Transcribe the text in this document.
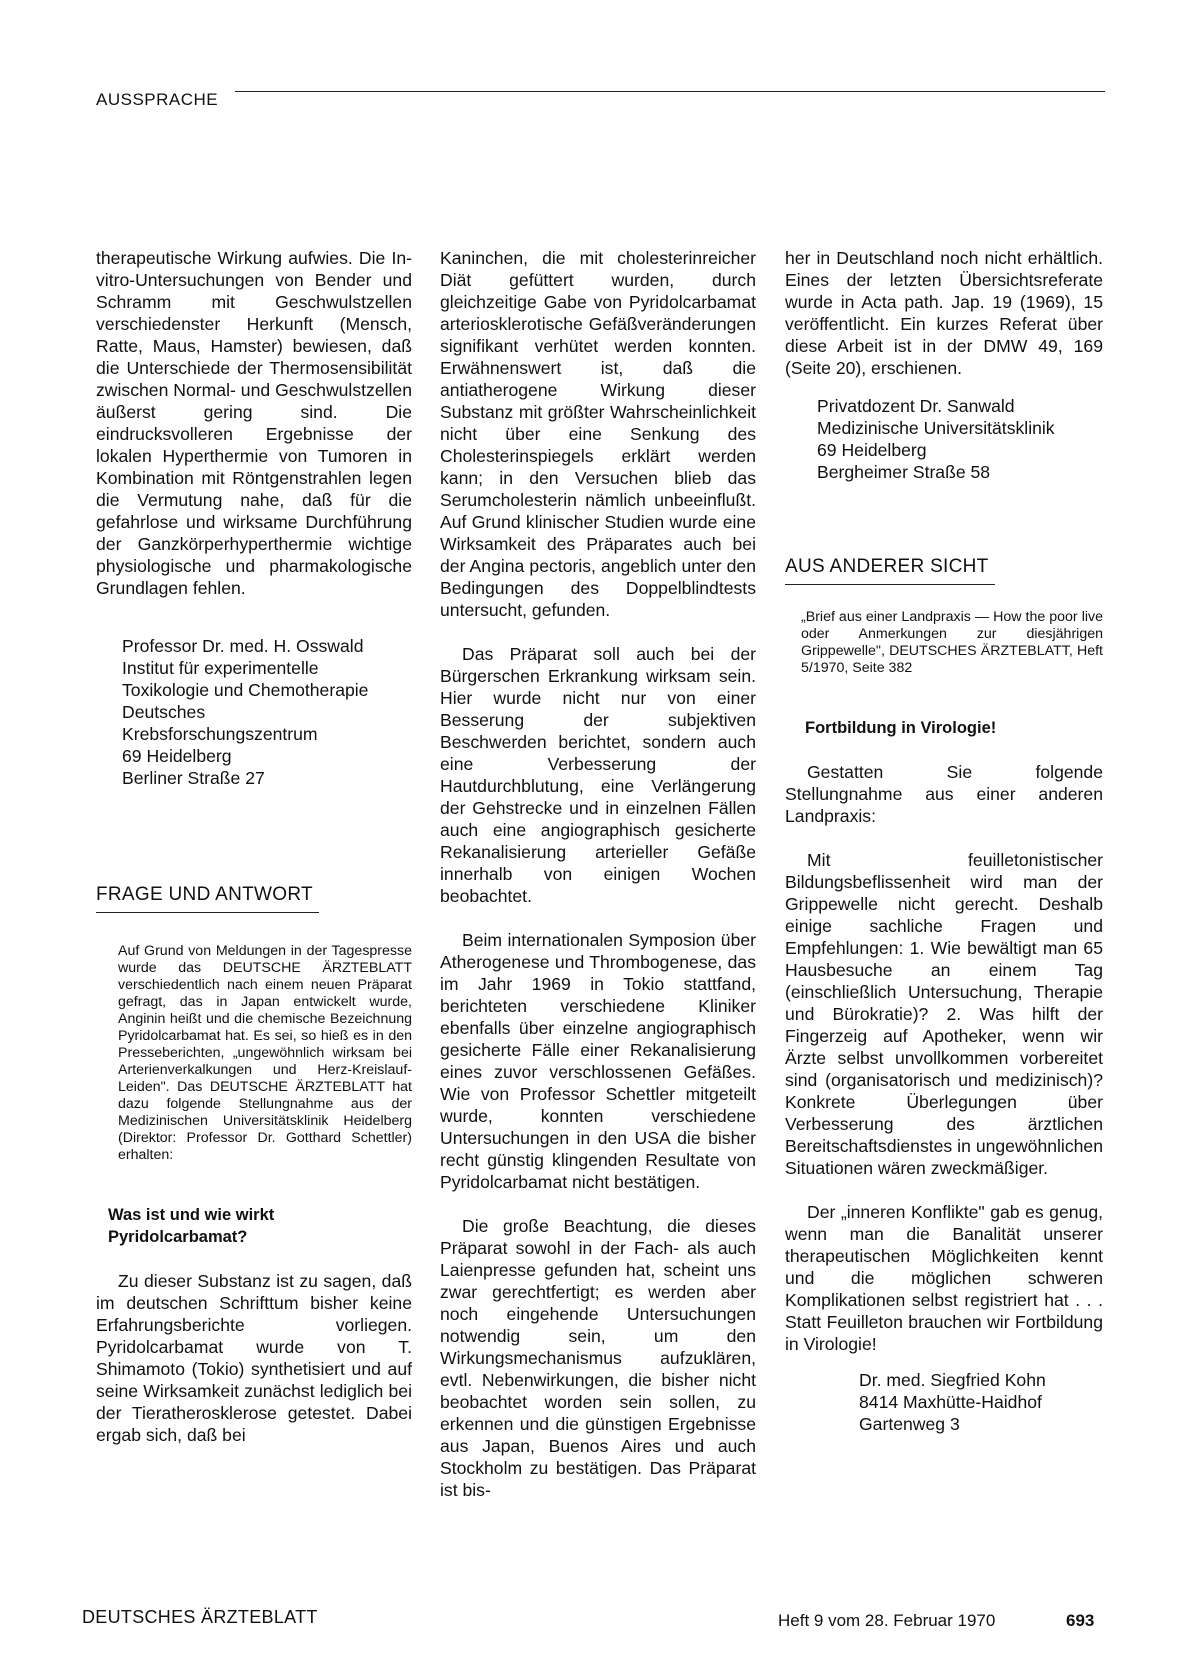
AUSSPRACHE

therapeutische Wirkung aufwies. Die In-vitro-Untersuchungen von Bender und Schramm mit Geschwulstzellen verschiedenster Herkunft (Mensch, Ratte, Maus, Hamster) bewiesen, daß die Unterschiede der Thermosensibilität zwischen Normal- und Geschwulstzellen äußerst gering sind. Die eindrucksvolleren Ergebnisse der lokalen Hyperthermie von Tumoren in Kombination mit Röntgenstrahlen legen die Vermutung nahe, daß für die gefahrlose und wirksame Durchführung der Ganzkörperhyperthermie wichtige physiologische und pharmakologische Grundlagen fehlen.

Professor Dr. med. H. Osswald
Institut für experimentelle
Toxikologie und Chemotherapie
Deutsches
Krebsforschungszentrum
69 Heidelberg
Berliner Straße 27
FRAGE UND ANTWORT

Auf Grund von Meldungen in der Tagespresse wurde das DEUTSCHE ÄRZTEBLATT verschiedentlich nach einem neuen Präparat gefragt, das in Japan entwickelt wurde, Anginin heißt und die chemische Bezeichnung Pyridolcarbamat hat. Es sei, so hieß es in den Presseberichten, „ungewöhnlich wirksam bei Arterienverkalkungen und Herz-Kreislauf-Leiden". Das DEUTSCHE ÄRZTEBLATT hat dazu folgende Stellungnahme aus der Medizinischen Universitätsklinik Heidelberg (Direktor: Professor Dr. Gotthard Schettler) erhalten:

Was ist und wie wirkt
Pyridolcarbamat?

Zu dieser Substanz ist zu sagen, daß im deutschen Schrifttum bisher keine Erfahrungsberichte vorliegen. Pyridolcarbamat wurde von T. Shimamoto (Tokio) synthetisiert und auf seine Wirksamkeit zunächst lediglich bei der Tieratherosklerose getestet. Dabei ergab sich, daß bei

Kaninchen, die mit cholesterinreicher Diät gefüttert wurden, durch gleichzeitige Gabe von Pyridolcarbamat arteriosklerotische Gefäßveränderungen signifikant verhütet werden konnten. Erwähnenswert ist, daß die antiatherogene Wirkung dieser Substanz mit größter Wahrscheinlichkeit nicht über eine Senkung des Cholesterinspiegels erklärt werden kann; in den Versuchen blieb das Serumcholesterin nämlich unbeeinflußt. Auf Grund klinischer Studien wurde eine Wirksamkeit des Präparates auch bei der Angina pectoris, angeblich unter den Bedingungen des Doppelblindtests untersucht, gefunden.

Das Präparat soll auch bei der Bürgerschen Erkrankung wirksam sein. Hier wurde nicht nur von einer Besserung der subjektiven Beschwerden berichtet, sondern auch eine Verbesserung der Hautdurchblutung, eine Verlängerung der Gehstrecke und in einzelnen Fällen auch eine angiographisch gesicherte Rekanalisierung arterieller Gefäße innerhalb von einigen Wochen beobachtet.

Beim internationalen Symposion über Atherogenese und Thrombogenese, das im Jahr 1969 in Tokio stattfand, berichteten verschiedene Kliniker ebenfalls über einzelne angiographisch gesicherte Fälle einer Rekanalisierung eines zuvor verschlossenen Gefäßes. Wie von Professor Schettler mitgeteilt wurde, konnten verschiedene Untersuchungen in den USA die bisher recht günstig klingenden Resultate von Pyridolcarbamat nicht bestätigen.

Die große Beachtung, die dieses Präparat sowohl in der Fach- als auch Laienpresse gefunden hat, scheint uns zwar gerechtfertigt; es werden aber noch eingehende Untersuchungen notwendig sein, um den Wirkungsmechanismus aufzuklären, evtl. Nebenwirkungen, die bisher nicht beobachtet worden sein sollen, zu erkennen und die günstigen Ergebnisse aus Japan, Buenos Aires und auch Stockholm zu bestätigen. Das Präparat ist bis-

her in Deutschland noch nicht erhältlich. Eines der letzten Übersichtsreferate wurde in Acta path. Jap. 19 (1969), 15 veröffentlicht. Ein kurzes Referat über diese Arbeit ist in der DMW 49, 169 (Seite 20), erschienen.

Privatdozent Dr. Sanwald
Medizinische Universitätsklinik
69 Heidelberg
Bergheimer Straße 58
AUS ANDERER SICHT

„Brief aus einer Landpraxis — How the poor live oder Anmerkungen zur diesjährigen Grippewelle", DEUTSCHES ÄRZTEBLATT, Heft 5/1970, Seite 382

Fortbildung in Virologie!

Gestatten Sie folgende Stellungnahme aus einer anderen Landpraxis:

Mit feuilletonistischer Bildungsbeflissenheit wird man der Grippewelle nicht gerecht. Deshalb einige sachliche Fragen und Empfehlungen: 1. Wie bewältigt man 65 Hausbesuche an einem Tag (einschließlich Untersuchung, Therapie und Bürokratie)? 2. Was hilft der Fingerzeig auf Apotheker, wenn wir Ärzte selbst unvollkommen vorbereitet sind (organisatorisch und medizinisch)? Konkrete Überlegungen über Verbesserung des ärztlichen Bereitschaftsdienstes in ungewöhnlichen Situationen wären zweckmäßiger.

Der „inneren Konflikte" gab es genug, wenn man die Banalität unserer therapeutischen Möglichkeiten kennt und die möglichen schweren Komplikationen selbst registriert hat . . . Statt Feuilleton brauchen wir Fortbildung in Virologie!

Dr. med. Siegfried Kohn
8414 Maxhütte-Haidhof
Gartenweg 3
DEUTSCHES ÄRZTEBLATT	Heft 9 vom 28. Februar 1970	693
